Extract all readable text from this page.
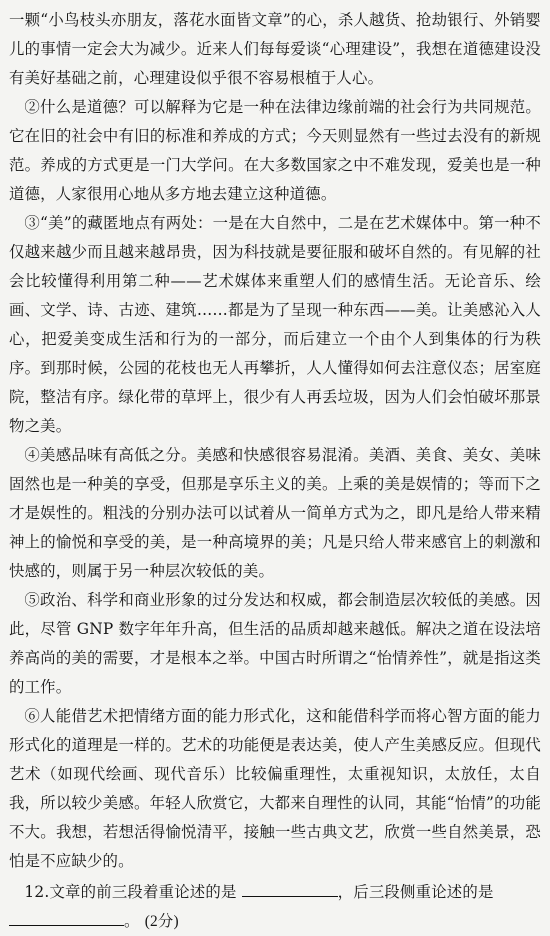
一颗“小鸟枝头亦朋友，落花水面皆文章”的心，杀人越货、抢劫银行、外销婴儿的事情一定会大为减少。近来人们每每爱谈“心理建设”，我想在道德建设没有美好基础之前，心理建设似乎很不容易根植于人心。

②什么是道德？可以解释为它是一种在法律边缘前端的社会行为共同规范。它在旧的社会中有旧的标准和养成的方式；今天则显然有一些过去没有的新规范。养成的方式更是一门大学问。在大多数国家之中不难发现，爱美也是一种道德，人家很用心地从多方地去建立这种道德。

③“美”的藏匿地点有两处：一是在大自然中，二是在艺术媒体中。第一种不仅越来越少而且越来越昂贵，因为科技就是要征服和破坏自然的。有见解的社会比较懂得利用第二种——艺术媒体来重塑人们的感情生活。无论音乐、绘画、文学、诗、古迹、建筑……都是为了呈现一种东西——美。让美感沁入人心，把爱美变成生活和行为的一部分，而后建立一个由个人到集体的行为秩序。到那时候，公园的花枝也无人再攀折，人人懂得如何去注意仪态；居室庭院，整洁有序。绿化带的草坪上，很少有人再丢垃圾，因为人们会怕破坏那景物之美。

④美感品味有高低之分。美感和快感很容易混淆。美酒、美食、美女、美味固然也是一种美的享受，但那是享乐主义的美。上乘的美是娱情的；等而下之才是娱性的。粗浅的分别办法可以试着从一简单方式为之，即凡是给人带来精神上的愉悦和享受的美，是一种高境界的美；凡是只给人带来感官上的刺激和快感的，则属于另一种层次较低的美。

⑤政治、科学和商业形象的过分发达和权威，都会制造层次较低的美感。因此，尽管 GNP 数字年年升高，但生活的品质却越来越低。解决之道在设法培养高尚的美的需要，才是根本之举。中国古时所谓之“怡情养性”，就是指这类的工作。

⑥人能借艺术把情绪方面的能力形式化，这和能借科学而将心智方面的能力形式化的道理是一样的。艺术的功能便是表达美，使人产生美感反应。但现代艺术（如现代绘画、现代音乐）比较偏重理性，太重视知识，太放任，太自我，所以较少美感。年轻人欣赏它，大都来自理性的认同，其能“怡情”的功能不大。我想，若想活得愉悦清平，接触一些古典文艺，欣赏一些自然美景，恐怕是不应缺少的。

12.文章的前三段着重论述的是	，后三段侧重论述的是
。 (2分)
